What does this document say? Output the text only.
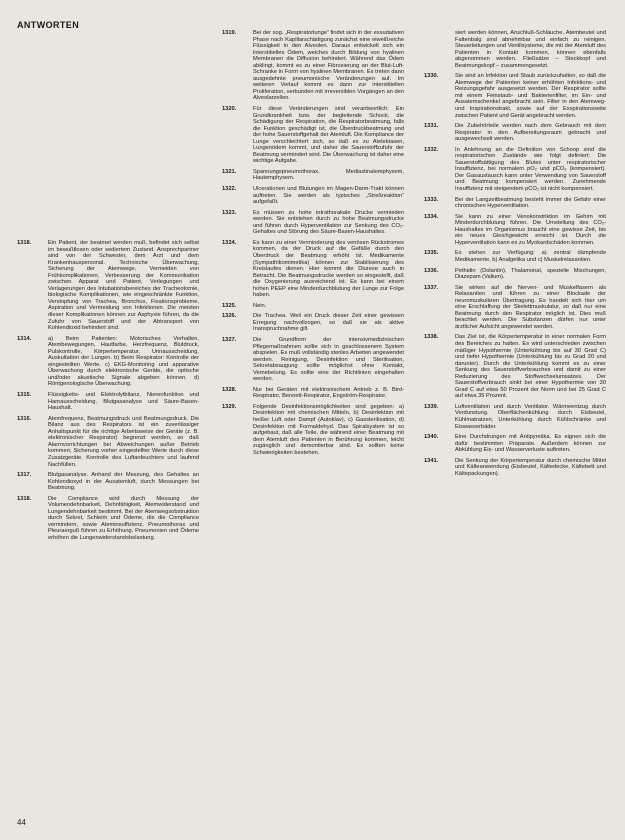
ANTWORTEN
1318.	Ein Patient, der beatmet werden muß, befindet sich selbst im bewußtlosen oder sediertem Zustand. Ansprechpartner sind von der Schwester, dem Arzt und dem Krankenhauspersonal. Technische Überwachung, Sicherung der Atemwege, Vermeiden von Frühkomplikationen, Verbesserung der Kommunikation zwischen Apparat und Patient, Verlegungen und Verlagerungen des Intubationsbereiches der Tracheotomie, biologische Komplikationen, wie eingeschränkte Funktion, Verstopfung von Trachea, Bronchus, Fixationsprobleme, Aspiration und Vermeidung von Infektionen. Die meisten dieser Komplikationen können zur Asphyxie führen, da die Zufuhr von Sauerstoff und der Abtransport von Kohlendioxid behindert sind.
1314.	a) Beim Patienten: Motorisches Verhalten, Atembewegungen, Hautfarbe, Herzfrequenz, Blutdruck, Pulskontrolle, Körpertemperatur, Urinausscheidung, Auskultation der Lungen. b) Beim Respirator: Kontrolle der eingestellten Werte. c) EKG-Monitoring und apparative Überwachung durch elektronische Geräte, die optische und/oder akustische Signale abgeben können. d) Röntgenologische Überwachung.
1315.	Flüssigkeits- und Elektrolytbilanz, Nierenfunktion und Harnausscheidung, Blutgasanalyse und Säure-Basen-Haushalt.
1316.	Atemfrequenz, Beatmungsdruck und Beatmungsdruck. Die Bilanz aus des Respirators ist ein zuverlässiger Anhaltspunkt für die richtige Arbeitsweise der Geräte (z. B. elektronischer Respirator) begrenzt werden, so daß Alarmvorrichtungen bei Abweichungen außer Betrieb kommen; Sicherung vorher eingestellter Werte durch diese Zusatzgeräte. Kontrolle des Luftanfeuchters und laufend Nachfüllen.
1317.	Blutgasanalyse. Anhand der Messung, des Gehaltes an Kohlendioxyd in der Ausatemluft, durch Messungen bei Beatmung.
1318.	Die Compliance wird durch Messung der Volumendehnbarkeit, Dehnfähigkeit, Atemwiderstand und Lungendehnbarkeit bestimmt. Bei der Atemwegsobstruktion durch Sekret, Schleim und Ödeme, die die Compliance vermindern, sowie Ateminsuffizienz, Pneumothorax und Pleuraerguß führen zu Erhöhung. Pneumonien und Ödeme erhöhen die Lungenwiderstandsbelastung.
1319.	Bei der sog. „Respiratorlunge“ findet sich in der exsudativen Phase nach Kapillarschädigung zunächst eine eiweißreiche Flüssigkeit in den Alveolen. Daraus entwickelt sich ein interstitielles Ödem, welches durch Bildung von hyalinen Membranen die Diffusion behindert. Während das Ödem abklingt, kommt es zu einer Fibrosierung an der Blut-Luft-Schranke in Form von hyalinen Membranen. Es treten dann ausgedehnte pneumonische Veränderungen auf. Im weiteren Verlauf kommt es dann zur interstitiellen Proliferation, verbunden mit irreversiblen Vorgängen an den Alveolarzellen.
1320.	Für diese Veränderungen sind verantwortlich: Ein Grundkrankheit bzw. der begleitende Schock, die Schädigung der Respiration, die Respiratorbeatmung, falls die Funktion geschädigt ist, die Überdruckbeatmung und der hohe Sauerstoffgehalt der Atemluft. Die Kompliance der Lunge verschlechtert sich, so daß es zu Atelektasen, Lungenödem kommt, und daher die Sauerstoffzufuhr der Beatmung vermindert wird. Die Überwachung ist daher eine wichtige Aufgabe.
1321.	Spannungspneumothorax, Mediastinalemphysem, Hautemphysem.
1322.	Ulcerationen und Blutungen im Magen-Darm-Trakt können auftreten. Sie werden als typisches „Streßreaktion“ aufgefaßt.
1323.	Es müssen zu hohe intrathorakale Drucke vermieden werden. Sie entstehen durch zu hohe Beatmungsdrucke und führen durch Hyperventilation zur Senkung des CO₂-Gehaltes und Störung des Säure-Basen-Haushaltes.
1324.	Es kann zu einer Verminderung des venösen Rückstromes kommen, da der Druck auf die Gefäße durch den Überdruck der Beatmung erhöht ist. Medikamente (Sympathikomimetika) können zur Stabilisierung des Kreislaufes dienen. Hier kommt die Diurese auch in Betracht. Die Beatmungsdrucke werden so eingestellt, daß die Oxygenierung ausreichend ist. Es kann bei einem hohen PEEP eine Minderdurchblutung der Lunge zur Folge haben.
1325.	Nein.
1326.	Die Trachea. Weil ein Druck dieser Zeit einer gewissen Erregung nachvollzogen, so daß sie als aktive Inanspruchnahme gilt.
1327.	Die Grundform der intensivmedizinischen Pflegemaßnahmen sollte sich in geschlossenem System abspielen. Es muß vollständig steriles Arbeiten angewendet werden. Reinigung, Desinfektion und Sterilisation, Sekretabsaugung sollte möglichst ohne Kontakt, Vernebelung. Es sollte eine der Richtlinien eingehalten werden.
1328.	Nur bei Geräten mit elektronischem Antrieb z. B. Bird-Respirator, Bennett-Respirator, Engström-Respirator.
1329.	Folgende Desinfektionsmöglichkeiten sind gegeben: a) Desinfektion mit chemischen Mitteln, b) Desinfektion mit heißer Luft oder Dampf (Autoklav), c) Gassterilisation, d) Desinfektion mit Formaldehyd. Das Spiralsystem ist so aufgebaut, daß alle Teile, die während einer Beatmung mit dem Atemluft des Patienten in Berührung kommen, leicht zugänglich und demontierbar sind. Es sollten keine Schwierigkeiten bestehen.
siert werden können, Anschluß-Schläuche, Atembeutel und Faltenbalg sind abnehmbar und einfach zu reinigen. Steuerleitungen und Ventilsysteme, die mit der Atemluft des Patienten in Kontakt kommen, können ebenfalls abgenommen werden. Fließsätze – Steckkopf und Beatmungskopf – zusammengesetzt.
1330.	Sie sind an Infektion und Staub zurückzuhalten, so daß die Atemwege der Patienten keiner erhöhten Infektions- und Reizungsgefahr ausgesetzt werden. Der Respirator sollte mit einem Feinstaub- und Bakterienfilter, im Ein- und Ausatemschenkel angebracht sein. Filter in den Atemweg- und Inspirationstrakt, sowie auf der Exspirationsseite zwischen Patient und Gerät angebracht werden.
1331.	Die Zubehörteile werden nach dem Gebrauch mit dem Respirator in den Aufbereitungsraum gebracht und ausgewechselt werden.
1332.	In Anlehnung an die Definition von Schoop sind die respiratorischen Zustände wie folgt definiert: Die Sauerstoffsättigung des Blutes unter respiratorischer Insuffizienz, bei normalem pO₂ und pCO₂ (kompensiert). Der Gasaustausch kann unter Verwendung von Sauerstoff und Beatmung kompensiert werden. Zunehmende Insuffizienz mit steigendem pCO₂ ist nicht kompensiert.
1333.	Bei der Langzeitbeatmung besteht immer die Gefahr einer chronischen Hyperventilation.
1334.	Sie kann zu einer Venokonstriktion im Gehirn mit Minderdurchblutung führen. Die Umstellung des CO₂-Haushaltes im Organismus braucht eine gewisse Zeit, bis ein neues Gleichgewicht erreicht ist. Durch die Hyperventilation kann es zu Myokardschäden kommen.
1335.	Es stehen zur Verfügung: a) zentral dämpfende Medikamente, b) Analgetika und c) Muskelrelaxantien.
1336.	Pethidin (Dolantin), Thalamonal, spezielle Mischungen, Diazepam (Valium).
1337.	Sie wirken auf die Nerven- und Muskelfasern als Relaxantien und führen zu einer Blockade der neuromuskulären Übertragung. Es handelt sich hier um eine Erschlaffung der Skelettmuskulatur, so daß nur eine Beatmung durch den Respirator möglich ist. Dies muß beachtet werden. Die Substanzen dürfen nur unter ärztlicher Aufsicht angewendet werden.
1338.	Das Ziel ist, die Körpertemperatur in einer normalen Form des Bereiches zu halten. Es wird unterschieden zwischen mäßiger Hypothermie (Unterkühlung bis auf 30 Grad C) und tiefer Hypothermie (Unterkühlung bis zu Grad 20 und darunter). Durch die Unterkühlung kommt es zu einer Senkung des Sauerstoffverbrauches und damit zu einer Reduzierung des Stoffwechselumsatzes. Der Sauerstoffverbrauch sinkt bei einer Hypothermie von 30 Grad C auf etwa 50 Prozent der Norm und bei 25 Grad C auf etwa 35 Prozent.
1339.	Luftventilation und durch Ventilator. Wärmeentzug durch Verdunstung. Oberflächenkühlung durch Eisbeutel, Kühlmatratzen, Unterkühlung durch Kühlschränke und Eiswasserbäder.
1340.	Eine Durchdrungen mit Antipyretika. Es eignen sich die dafür bestimmten Präparate. Außerdem können zur Abkühlung Eis- und Wasserverluste auftreten.
1341.	Die Senkung der Körpertemperatur durch chemische Mittel und Kälteanwendung (Eisbeutel, Kältedecke, Kältebett und Kältepackungen).
44
